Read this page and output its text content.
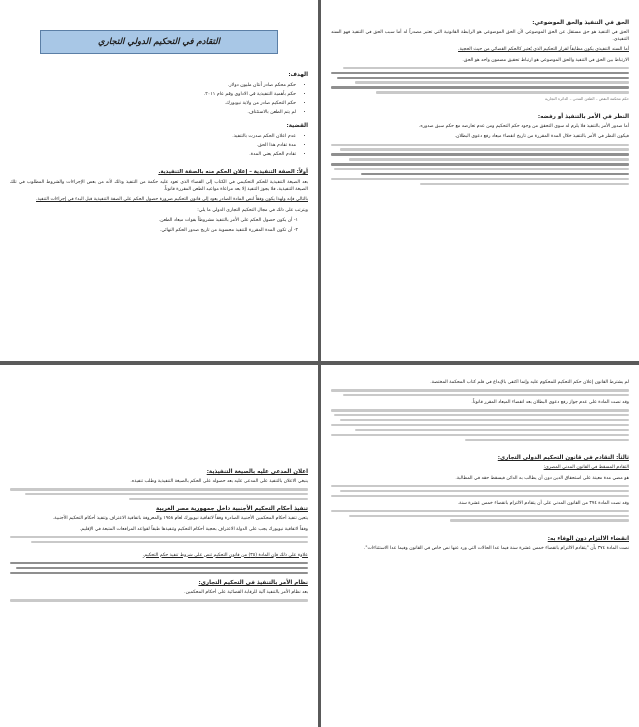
التقادم في التحكيم الدولي التجاري
الهدف:
• حكم محكم صادر أنثان مليون دولار.
• حكم بأهمية التنفيذية في الاداوى وقم عام ٢٠١١.
• حكم التحكيم صادر من ولاية نيويورك.
• لم يتم الطعن بالاستئناف.
القضية:
• عدم اعلان الحكم صدرت بالتنفيذ.
• مدة تقادم هذا الحق.
• تقادم الحكم يعني المدة.
أولاً: الصفة التنفيذية – إعلان الحكم منه بالصفة التنفيذية.

بعد الصيغة التنفيذية للحكم التحكيمي في الكتاب إلى القضاء الذي تعود عليه حكمة من التنفيذ وذلك لأنه من بعض الإجراءات والشروط المطلوب في تلك الصيغة التنفيذية، فلا يجوز التنفيذ إلا بعد مراعاة مواعيد الطعن المقررة قانوناً.

بالتالي فإنه ولهذا يكون وفقاً لنص المادة الصادر يعود إلى قانون التحكيم ضرورة حصول الحكم على الصفة التنفيذية قبل البدء في إجراءات التنفيذ.

ويترتب على ذلك في مجال التحكيم التجاري الدولي ما يلي:

١- أن يكون حصول الحكم على الأمر بالتنفيذ مشروطاً بفوات ميعاد الطعن.

٢- أن تكون المدة المقررة للتنفيذ محسوبة من تاريخ صدور الحكم النهائي.

الحق في التنفيذ والحق الموضوعي:

الحق في التنفيذ هو حق مستقل عن الحق الموضوعي لأن الحق الموضوعي هو الرابطة القانونية التي تعتبر مصدراً له أما سبب الحق في التنفيذ فهو السند التنفيذي.

أما السند التنفيذي يكون مطابقاً لقرار التحكيم الذي يُعتبر كالحكم القضائي من حيث الحجية.

الارتباط بين الحق في التنفيذ والحق الموضوعي هو ارتباط تحقيق مضمون واحد هو الحق.

حكم محكمة النقض – الطعن المدني – الدائرة التجارية
النظر في الأمر بالتنفيذ أو رفضه:

أما صدور الأمر بالتنفيذ فلا يلزم له سوى التحقق من وجود حكم التحكيم ومن عدم تعارضه مع حكم سبق صدوره.

فيكون النظر في الأمر بالتنفيذ خلال المدة المقررة من تاريخ انقضاء ميعاد رفع دعوى البطلان.

اعلان المدعى عليه بالصيغة التنفيذية:

ينبغي الاعلان بالتنفيذ على المدعى عليه بعد حصوله على الحكم بالصيغة التنفيذية وطلب تنفيذه.

تنفيذ أحكام التحكيم الأجنبية داخل جمهورية مصر العربية

يتعين تنفيذ أحكام المحكمين الأجنبية الصادرة وفقاً لاتفاقية نيويورك لعام ١٩٥٨ والمعروفة باتفاقية الاعتراف وتنفيذ أحكام التحكيم الأجنبية.

وفقاً لاتفاقية نيويورك يجب على الدولة الاعتراف بحجية أحكام التحكيم وتنفيذها طبقاً لقواعد المرافعات المتبعة في الإقليم.

علاوة على ذلك فإن المادة (٣٥) من قانون التحكيم تنص على شروط تنفيذ حكم التحكيم.

نظام الأمر بالتنفيذ في التحكيم التجاري:

بعد نظام الأمر بالتنفيذ آلية للرقابة القضائية على أحكام المحكمين.

لم يشترط القانون إعلان حكم التحكيم للمحكوم عليه وإنما اكتفى بالإيداع في قلم كتاب المحكمة المختصة.

وقد نصت المادة على عدم جواز رفع دعوى البطلان بعد انقضاء الميعاد المقرر قانوناً.

ثالثاً: التقادم في قانون التحكيم الدولي التجاري:

التقادم المسقط في القانون المدني المصري:

هو مضي مدة معينة على استحقاق الدين دون أن يطالب به الدائن فيسقط حقه في المطالبة.

وقد نصت المادة ٣٧٤ من القانون المدني على أن يتقادم الالتزام بانقضاء خمس عشرة سنة.

انقضاء الالتزام دون الوفاء به:

نصت المادة ٣٧٤ بأن "يتقادم الالتزام بانقضاء خمس عشرة سنة فيما عدا الحالات التي ورد عنها نص خاص في القانون وفيما عدا الاستثناءات".
